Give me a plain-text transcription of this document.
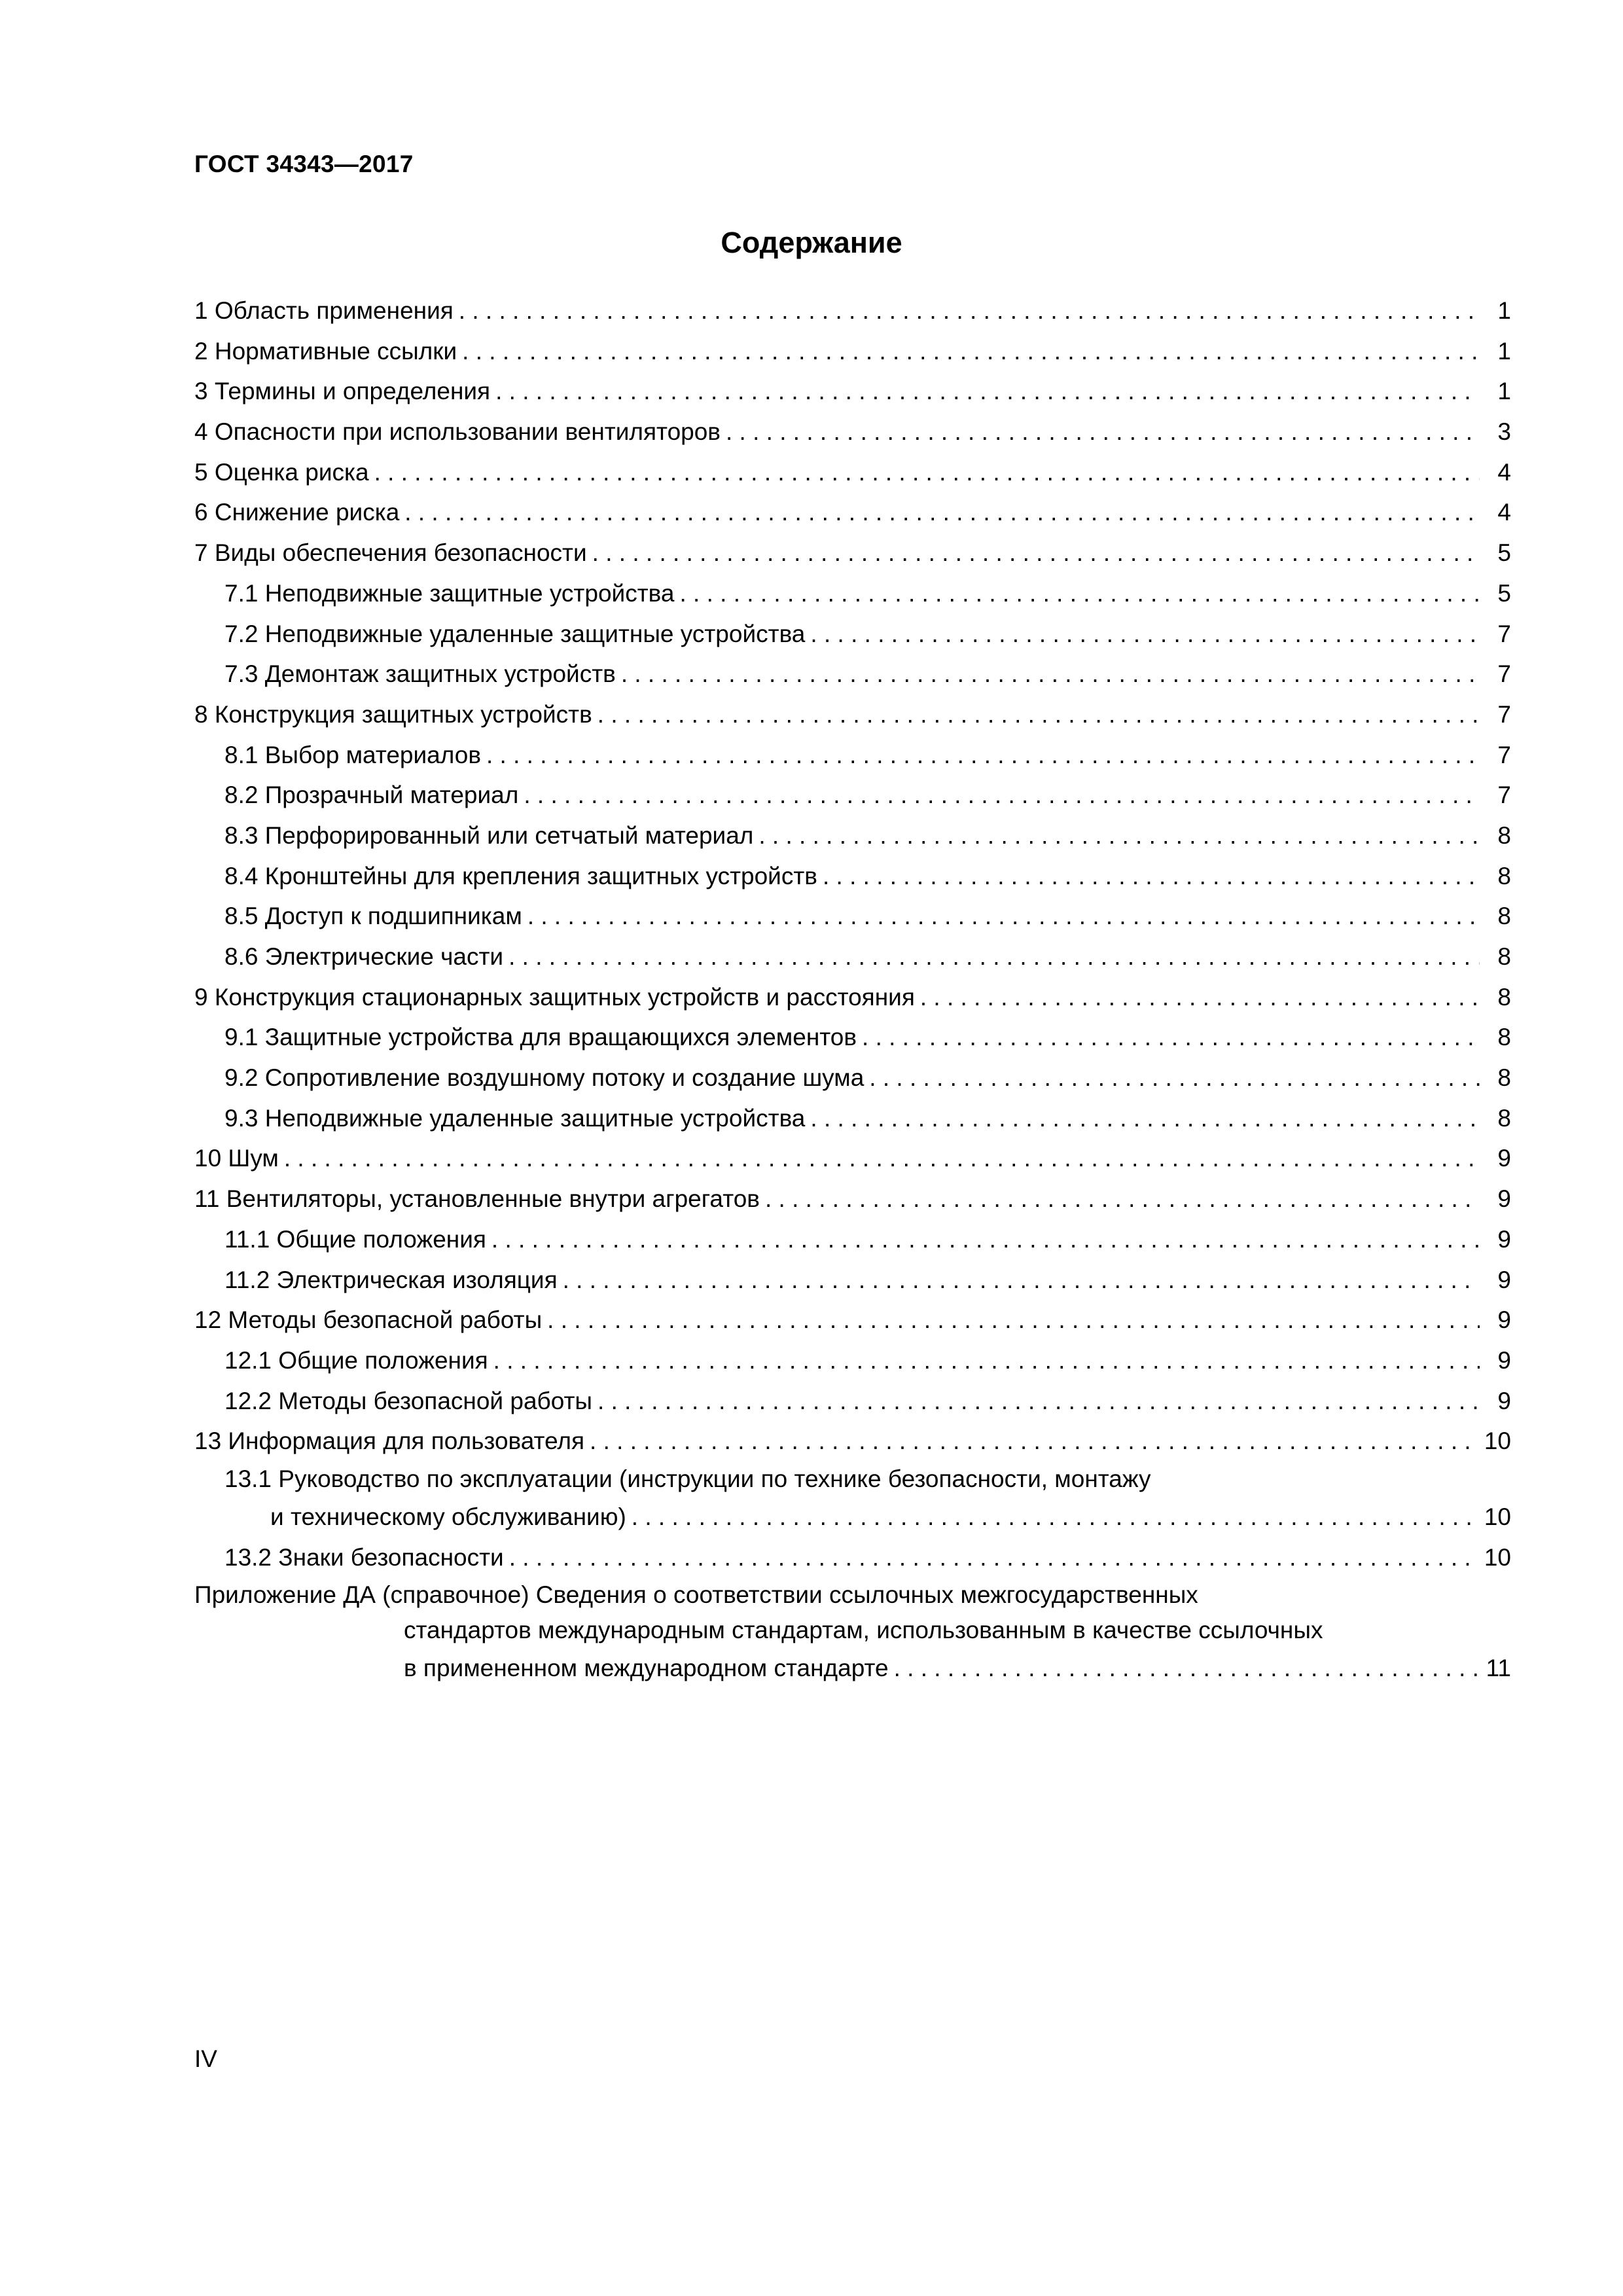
ГОСТ 34343—2017
Содержание
1 Область применения . . .	1
2 Нормативные ссылки . . .	1
3 Термины и определения . . .	1
4 Опасности при использовании вентиляторов . . .	3
5 Оценка риска . . .	4
6 Снижение риска . . .	4
7 Виды обеспечения безопасности . . .	5
7.1 Неподвижные защитные устройства . . .	5
7.2 Неподвижные удаленные защитные устройства . . .	7
7.3 Демонтаж защитных устройств . . .	7
8 Конструкция защитных устройств . . .	7
8.1 Выбор материалов . . .	7
8.2 Прозрачный материал . . .	7
8.3 Перфорированный или сетчатый материал . . .	8
8.4 Кронштейны для крепления защитных устройств . . .	8
8.5 Доступ к подшипникам . . .	8
8.6 Электрические части . . .	8
9 Конструкция стационарных защитных устройств и расстояния . . .	8
9.1 Защитные устройства для вращающихся элементов . . .	8
9.2 Сопротивление воздушному потоку и создание шума . . .	8
9.3 Неподвижные удаленные защитные устройства . . .	8
10 Шум . . .	9
11 Вентиляторы, установленные внутри агрегатов . . .	9
11.1 Общие положения . . .	9
11.2 Электрическая изоляция . . .	9
12 Методы безопасной работы . . .	9
12.1 Общие положения . . .	9
12.2 Методы безопасной работы . . .	9
13 Информация для пользователя . . .	10
13.1 Руководство по эксплуатации (инструкции по технике безопасности, монтажу
и техническому обслуживанию) . . .	10
13.2 Знаки безопасности . . .	10
Приложение ДА (справочное) Сведения о соответствии ссылочных межгосударственных
стандартов международным стандартам, использованным в качестве ссылочных
в примененном международном стандарте . . .	11
IV
